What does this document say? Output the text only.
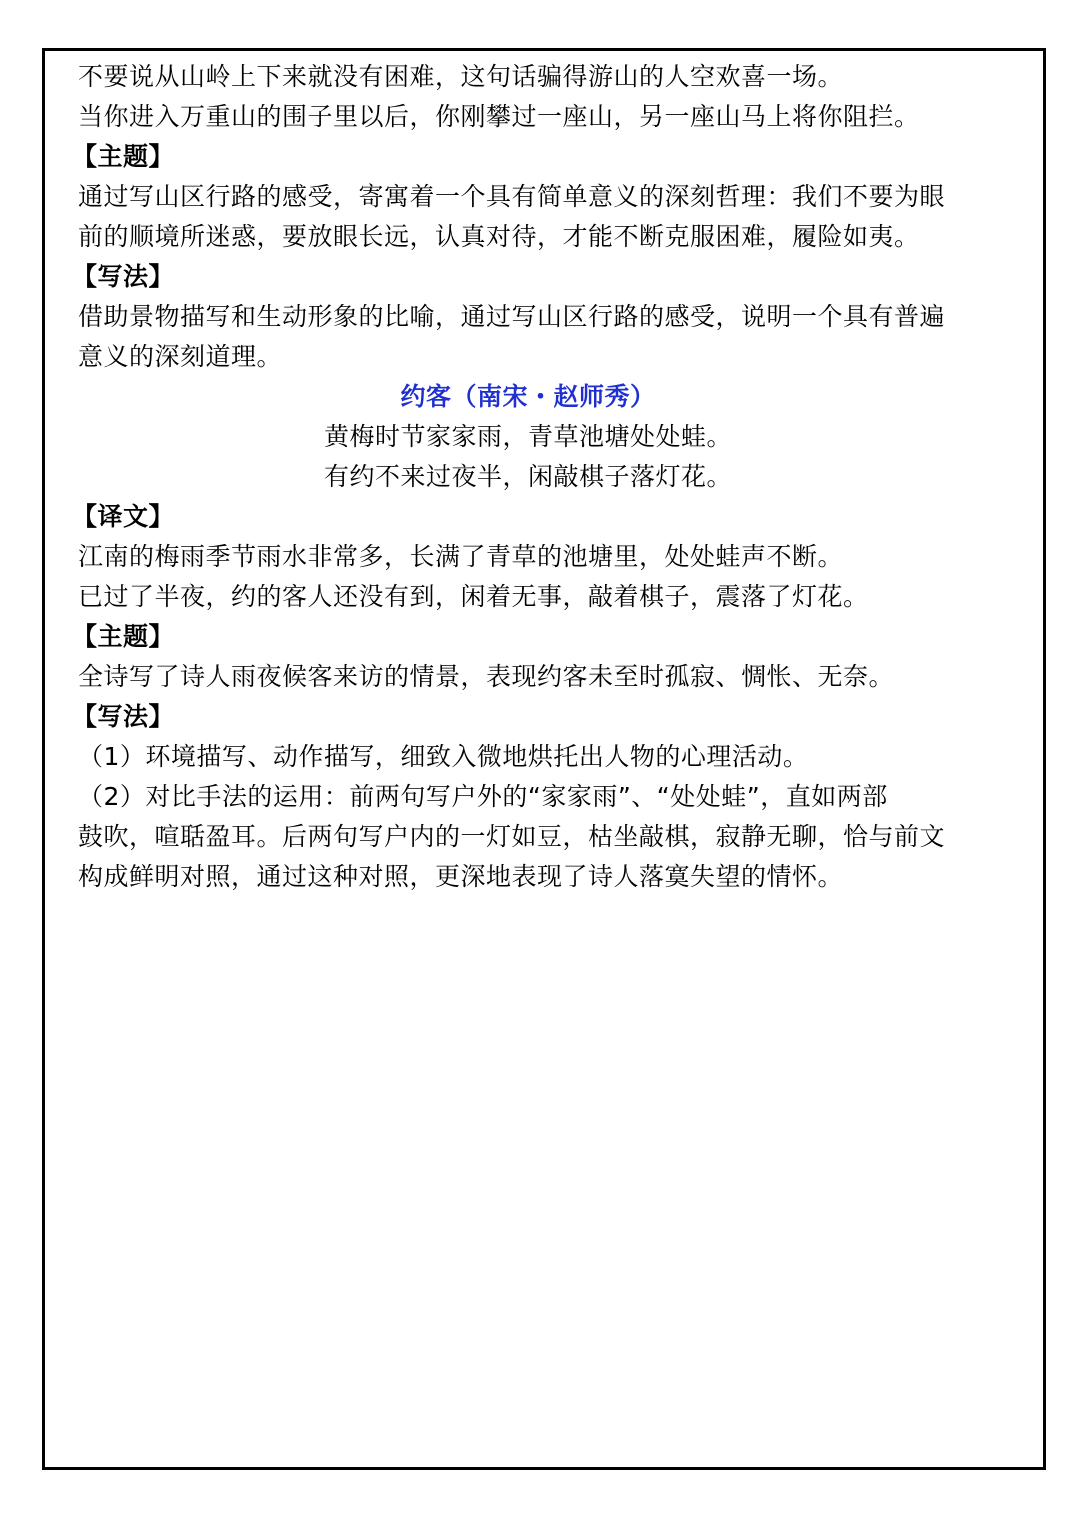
不要说从山岭上下来就没有困难，这句话骗得游山的人空欢喜一场。
当你进入万重山的围子里以后，你刚攀过一座山，另一座山马上将你阻拦。
【主题】
通过写山区行路的感受，寄寓着一个具有简单意义的深刻哲理：我们不要为眼
前的顺境所迷惑，要放眼长远，认真对待，才能不断克服困难，履险如夷。
【写法】
借助景物描写和生动形象的比喻，通过写山区行路的感受，说明一个具有普遍
意义的深刻道理。
约客（南宋・赵师秀）
黄梅时节家家雨，青草池塘处处蛙。
有约不来过夜半，闲敲棋子落灯花。
【译文】
江南的梅雨季节雨水非常多，长满了青草的池塘里，处处蛙声不断。
已过了半夜，约的客人还没有到，闲着无事，敲着棋子，震落了灯花。
【主题】
全诗写了诗人雨夜候客来访的情景，表现约客未至时孤寂、惆怅、无奈。
【写法】
（1）环境描写、动作描写，细致入微地烘托出人物的心理活动。
（2）对比手法的运用：前两句写户外的“家家雨”、“处处蛙”，直如两部
鼓吹，喧聒盈耳。后两句写户内的一灯如豆，枯坐敲棋，寂静无聊，恰与前文
构成鲜明对照，通过这种对照，更深地表现了诗人落寞失望的情怀。
